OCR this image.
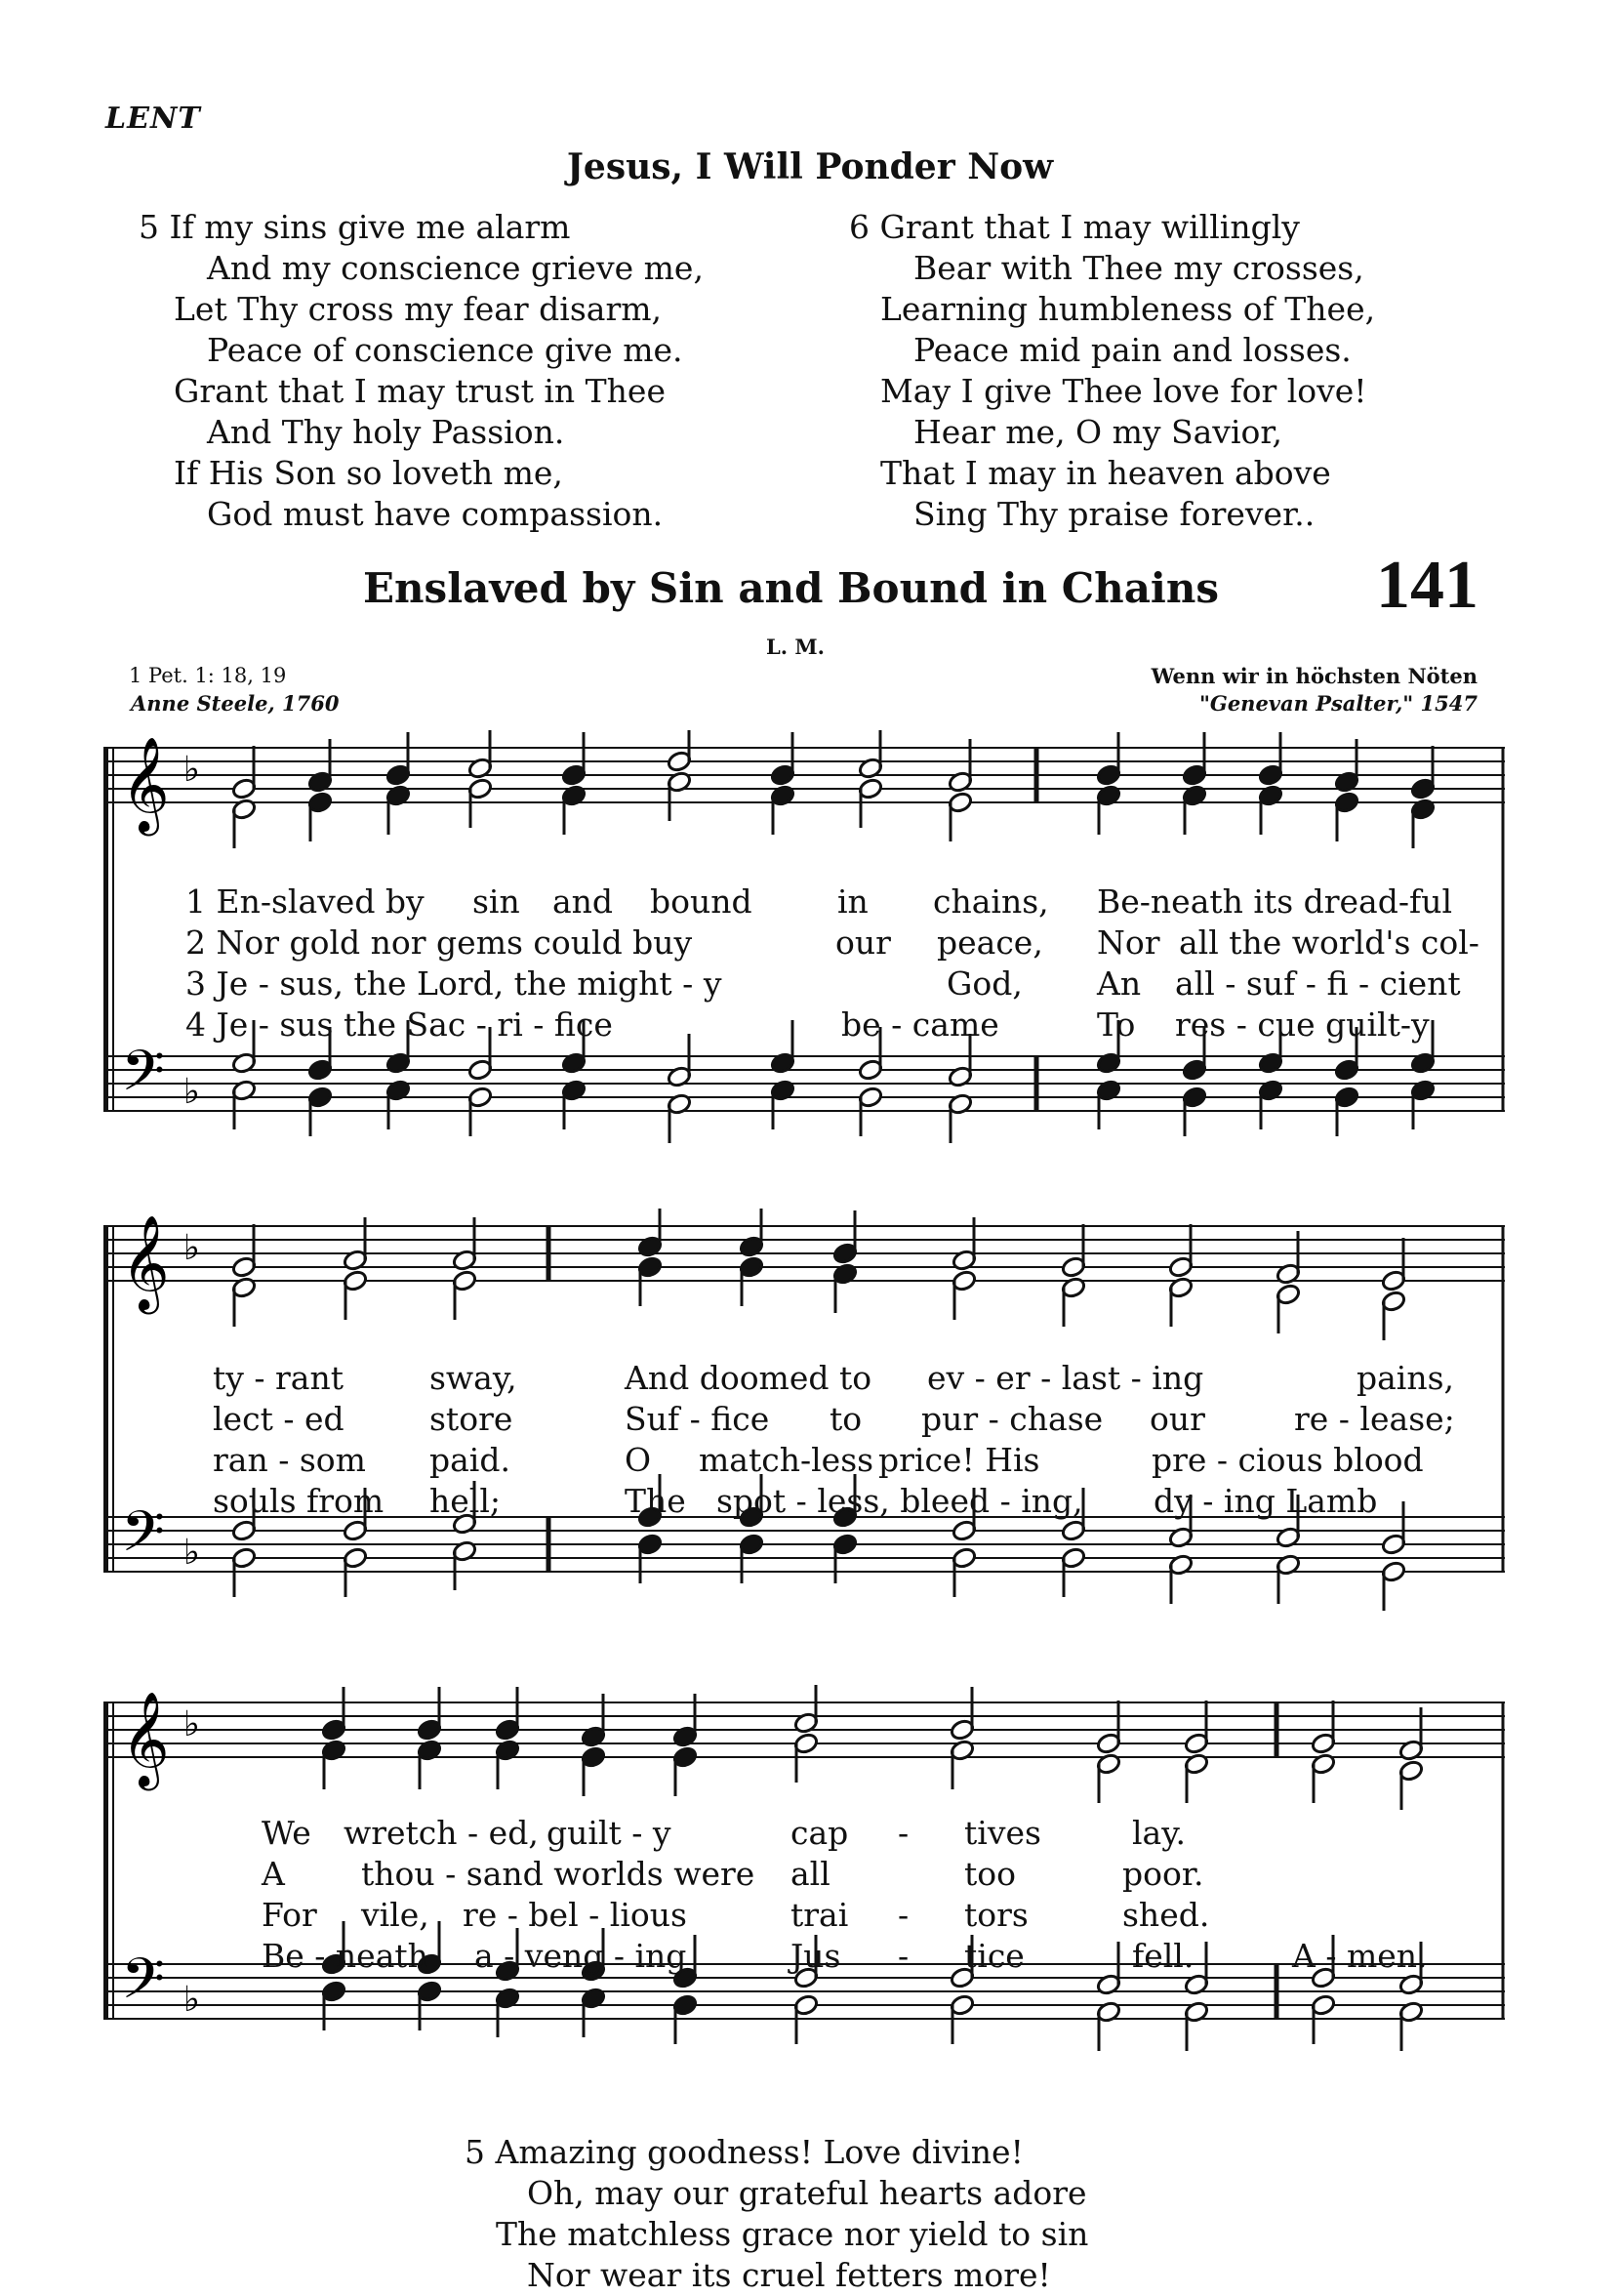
LENT
Jesus, I Will Ponder Now
5 If my sins give me alarm
And my conscience grieve me,
Let Thy cross my fear disarm,
Peace of conscience give me.
Grant that I may trust in Thee
And Thy holy Passion.
If His Son so loveth me,
God must have compassion.
6 Grant that I may willingly
Bear with Thee my crosses,
Learning humbleness of Thee,
Peace mid pain and losses.
May I give Thee love for love!
Hear me, O my Savior,
That I may in heaven above
Sing Thy praise forever..
Enslaved by Sin and Bound in Chains 141
L. M.
1 Pet. 1: 18, 19
Anne Steele, 1760
Wenn wir in höchsten Nöten
"Genevan Psalter," 1547
𝄞
𝄢
♭
♭
𝄞
𝄢
♭
♭
𝄞
𝄢
♭
♭
1 En-slaved by sin and bound	in chains, Be-neath its dread-ful
2 Nor gold nor gems could buy	our peace, Nor all the world's col-
3 Je - sus, the Lord, the might - y	God, An all - suf - fi - cient
4 Je - sus the Sac - ri - fice	be - came	To res - cue guilt-y
ty - rant	sway,	And doomed to ev - er - last - ing	pains,
lect - ed	store	Suf - fice to pur - chase our	re - lease;
ran - som paid.	O match-less price! His	pre - cious blood
souls from hell;	The spot - less, bleed - ing, dy - ing Lamb
We wretch - ed, guilt - y	cap - tives	lay.
A thou - sand worlds were all	too	poor.
For vile, re - bel - lious	trai - tors	shed.
Be - neath a - veng - ing	Jus - tice	fell.	A - men.
5 Amazing goodness! Love divine!
Oh, may our grateful hearts adore
The matchless grace nor yield to sin
Nor wear its cruel fetters more!
